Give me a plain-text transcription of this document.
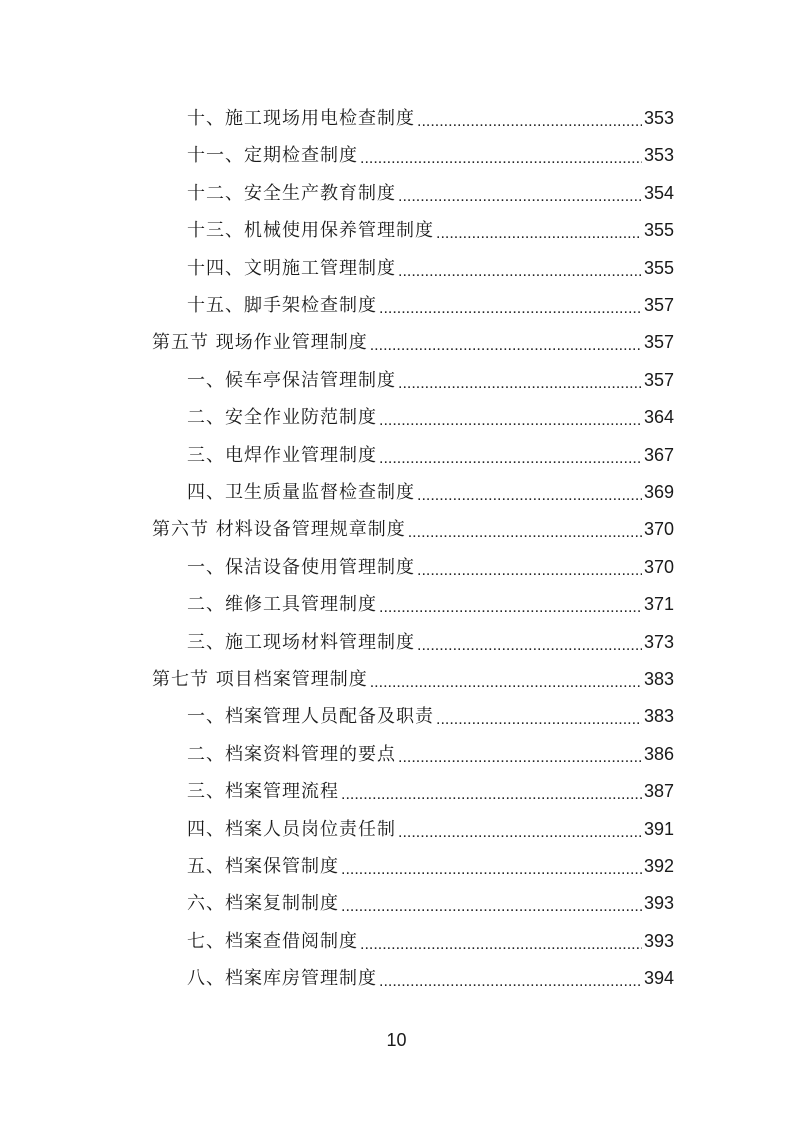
十、施工现场用电检查制度 .....	353
十一、定期检查制度 .....	353
十二、安全生产教育制度 .....	354
十三、机械使用保养管理制度 .....	355
十四、文明施工管理制度 .....	355
十五、脚手架检查制度 .....	357
第五节 现场作业管理制度 .....	357
一、候车亭保洁管理制度 .....	357
二、安全作业防范制度 .....	364
三、电焊作业管理制度 .....	367
四、卫生质量监督检查制度 .....	369
第六节 材料设备管理规章制度 .....	370
一、保洁设备使用管理制度 .....	370
二、维修工具管理制度 .....	371
三、施工现场材料管理制度 .....	373
第七节 项目档案管理制度 .....	383
一、档案管理人员配备及职责 .....	383
二、档案资料管理的要点 .....	386
三、档案管理流程 .....	387
四、档案人员岗位责任制 .....	391
五、档案保管制度 .....	392
六、档案复制制度 .....	393
七、档案查借阅制度 .....	393
八、档案库房管理制度 .....	394
10
